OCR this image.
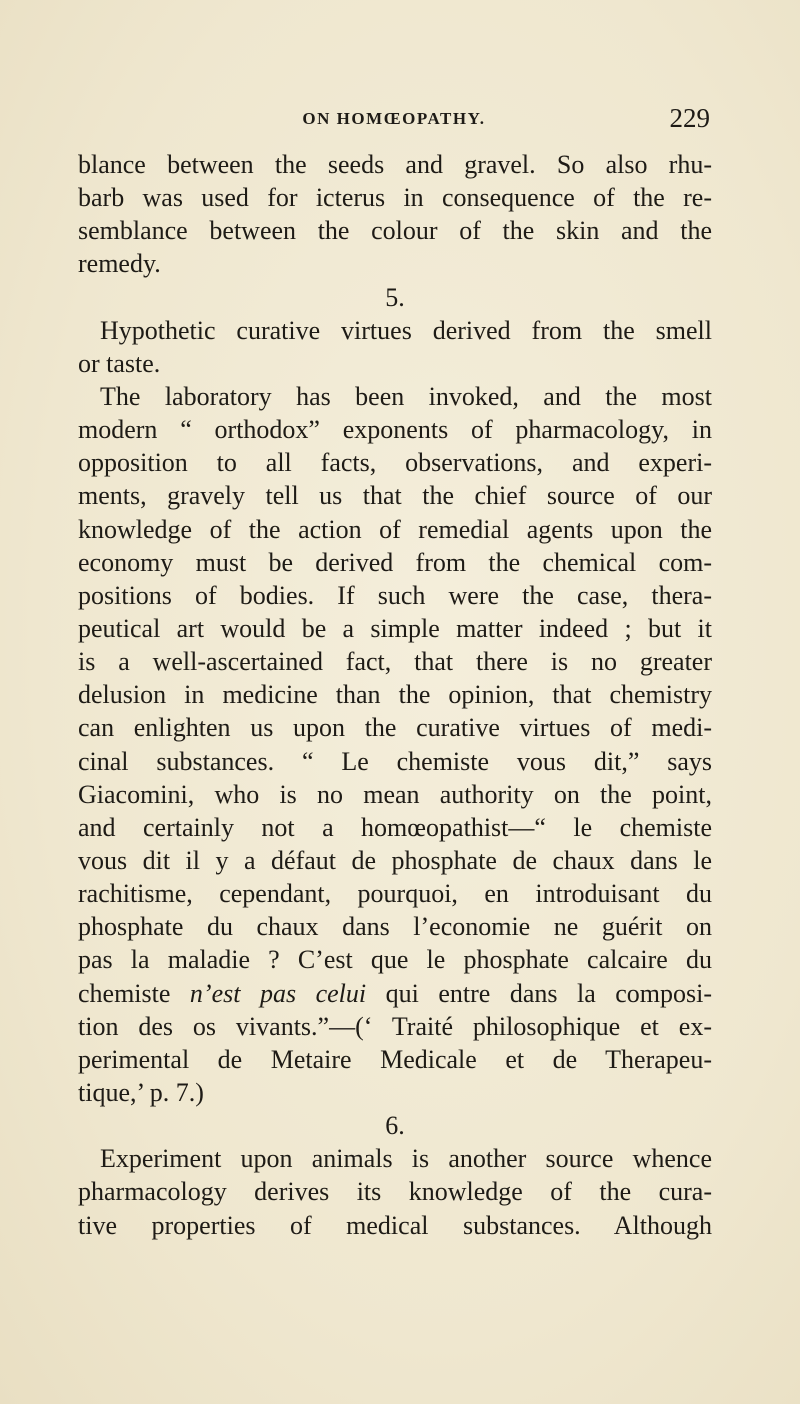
ON HOMŒOPATHY.	229
blance between the seeds and gravel. So also rhu-
barb was used for icterus in consequence of the re-
semblance between the colour of the skin and the
remedy.
5.
Hypothetic curative virtues derived from the smell
or taste.
The laboratory has been invoked, and the most
modern “ orthodox” exponents of pharmacology, in
opposition to all facts, observations, and experi-
ments, gravely tell us that the chief source of our
knowledge of the action of remedial agents upon the
economy must be derived from the chemical com-
positions of bodies. If such were the case, thera-
peutical art would be a simple matter indeed ; but it
is a well-ascertained fact, that there is no greater
delusion in medicine than the opinion, that chemistry
can enlighten us upon the curative virtues of medi-
cinal substances. “ Le chemiste vous dit,” says
Giacomini, who is no mean authority on the point,
and certainly not a homœopathist—“ le chemiste
vous dit il y a défaut de phosphate de chaux dans le
rachitisme, cependant, pourquoi, en introduisant du
phosphate du chaux dans l’economie ne guérit on
pas la maladie ? C’est que le phosphate calcaire du
chemiste n’est pas celui qui entre dans la composi-
tion des os vivants.”—(‘ Traité philosophique et ex-
perimental de Metaire Medicale et de Therapeu-
tique,’ p. 7.)
6.
Experiment upon animals is another source whence
pharmacology derives its knowledge of the cura-
tive properties of medical substances. Although
